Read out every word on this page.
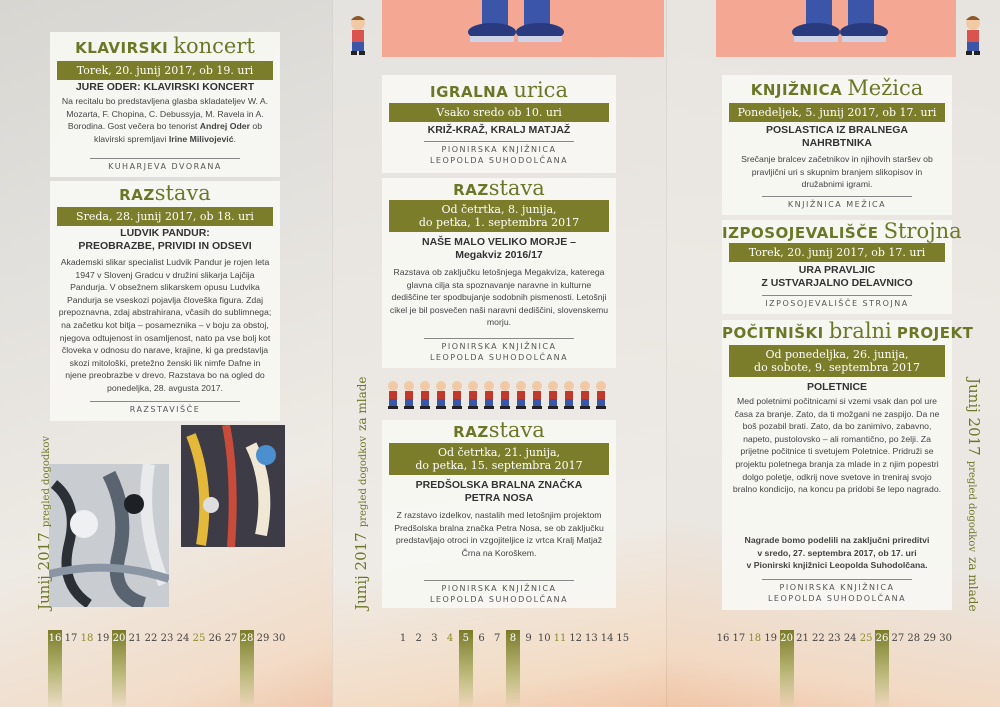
KLAVIRSKI koncert
Torek, 20. junij 2017, ob 19. uri
JURE ODER: KLAVIRSKI KONCERT
Na recitalu bo predstavljena glasba skladateljev W. A. Mozarta, F. Chopina, C. Debussyja, M. Ravela in A. Borodina. Gost večera bo tenorist Andrej Oder ob klavirski spremljavi Irine Milivojević.
KUHARJEVA DVORANA
RAZstava
Sreda, 28. junij 2017, ob 18. uri
LUDVIK PANDUR:
PREOBRAZBE, PRIVIDI IN ODSEVI
Akademski slikar specialist Ludvik Pandur je rojen leta 1947 v Slovenj Gradcu v družini slikarja Lajčija Pandurja. V obsežnem slikarskem opusu Ludvika Pandurja se vseskozi pojavlja človeška figura. Zdaj prepoznavna, zdaj abstrahirana, včasih do sublimnega; na začetku kot bitja – posameznika – v boju za obstoj, njegova odtujenost in osamljenost, nato pa vse bolj kot človeka v odnosu do narave, krajine, ki ga predstavlja skozi mitološki, pretežno ženski lik nimfe Dafne in njene preobrazbe v drevo. Razstava bo na ogled do ponedeljka, 28. avgusta 2017.
RAZSTAVIŠČE
Junij 2017 pregled dogodkov
IGRALNA urica
Vsako sredo ob 10. uri
KRIŽ-KRAŽ, KRALJ MATJAŽ
PIONIRSKA KNJIŽNICA
LEOPOLDA SUHODOLČANA
RAZstava
Od četrtka, 8. junija,
do petka, 1. septembra 2017
NAŠE MALO VELIKO MORJE –
Megakviz 2016/17
Razstava ob zaključku letošnjega Megakviza, katerega glavna cilja sta spoznavanje naravne in kulturne dediščine ter spodbujanje sodobnih pismenosti. Letošnji cikel je bil posvečen naši naravni dediščini, slovenskemu morju.
PIONIRSKA KNJIŽNICA
LEOPOLDA SUHODOLČANA
RAZstava
Od četrtka, 21. junija,
do petka, 15. septembra 2017
PREDŠOLSKA BRALNA ZNAČKA
PETRA NOSA
Z razstavo izdelkov, nastalih med letošnjim projektom Predšolska bralna značka Petra Nosa, se ob zaključku predstavljajo otroci in vzgojiteljice iz vrtca Kralj Matjaž Črna na Koroškem.
PIONIRSKA KNJIŽNICA
LEOPOLDA SUHODOLČANA
Junij 2017 pregled dogodkov za mlade
KNJIŽNICA Mežica
Ponedeljek, 5. junij 2017, ob 17. uri
POSLASTICA IZ BRALNEGA
NAHRBTNIKA
Srečanje bralcev začetnikov in njihovih staršev ob pravljični uri s skupnim branjem slikopisov in družabnimi igrami.
KNJIŽNICA MEŽICA
IZPOSOJEVALIŠČE Strojna
Torek, 20. junij 2017, ob 17. uri
URA PRAVLJIC
Z USTVARJALNO DELAVNICO
IZPOSOJEVALIŠČE STROJNA
POČITNIŠKI bralni PROJEKT
Od ponedeljka, 26. junija,
do sobote, 9. septembra 2017
POLETNICE
Med poletnimi počitnicami si vzemi vsak dan pol ure časa za branje. Zato, da ti možgani ne zaspijo. Da ne boš pozabil brati. Zato, da bo zanimivo, zabavno, napeto, pustolovsko – ali romantično, po želji. Za prijetne počitnice ti svetujem Poletnice. Pridruži se projektu poletnega branja za mlade in z njim popestri dolgo poletje, odkrij nove svetove in treniraj svojo bralno kondicijo, na koncu pa pridobi še lepo nagrado.
Nagrade bomo podelili na zaključni prireditvi
v sredo, 27. septembra 2017, ob 17. uri
v Pionirski knjižnici Leopolda Suhodolčana.
PIONIRSKA KNJIŽNICA
LEOPOLDA SUHODOLČANA
Junij 2017 pregled dogodkov za mlade
16 17 18 19 20 21 22 23 24 25 26 27 28 29 30	1 2 3 4 5 6 7 8 9 10 11 12 13 14 15	16 17 18 19 20 21 22 23 24 25 26 27 28 29 30
